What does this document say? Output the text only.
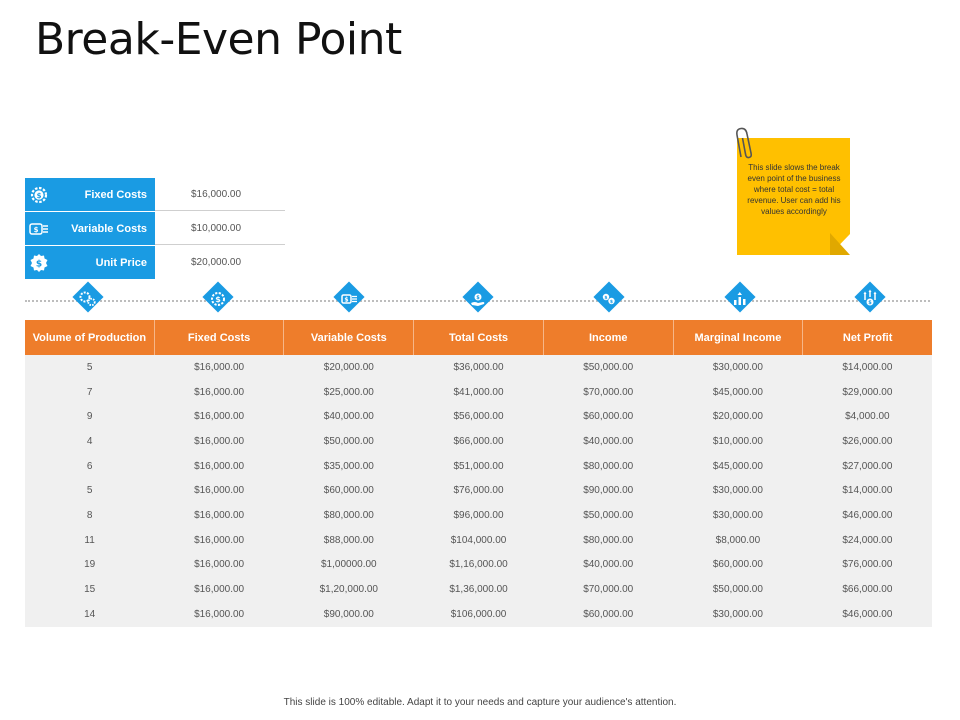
Break-Even Point
$	Fixed Costs	$16,000.00
$	Variable Costs	$10,000.00
$	Unit Price	$20,000.00
This slide slows the break even point of the business where total cost = total revenue. User can add his values accordingly
$	$	$	$
$	$
Volume of Production	Fixed Costs	Variable Costs	Total Costs	Income	Marginal Income	Net Profit
5	$16,000.00	$20,000.00	$36,000.00	$50,000.00	$30,000.00	$14,000.00
7	$16,000.00	$25,000.00	$41,000.00	$70,000.00	$45,000.00	$29,000.00
9	$16,000.00	$40,000.00	$56,000.00	$60,000.00	$20,000.00	$4,000.00
4	$16,000.00	$50,000.00	$66,000.00	$40,000.00	$10,000.00	$26,000.00
6	$16,000.00	$35,000.00	$51,000.00	$80,000.00	$45,000.00	$27,000.00
5	$16,000.00	$60,000.00	$76,000.00	$90,000.00	$30,000.00	$14,000.00
8	$16,000.00	$80,000.00	$96,000.00	$50,000.00	$30,000.00	$46,000.00
11	$16,000.00	$88,000.00	$104,000.00	$80,000.00	$8,000.00	$24,000.00
19	$16,000.00	$1,00000.00	$1,16,000.00	$40,000.00	$60,000.00	$76,000.00
15	$16,000.00	$1,20,000.00	$1,36,000.00	$70,000.00	$50,000.00	$66,000.00
14	$16,000.00	$90,000.00	$106,000.00	$60,000.00	$30,000.00	$46,000.00
This slide is 100% editable. Adapt it to your needs and capture your audience's attention.
